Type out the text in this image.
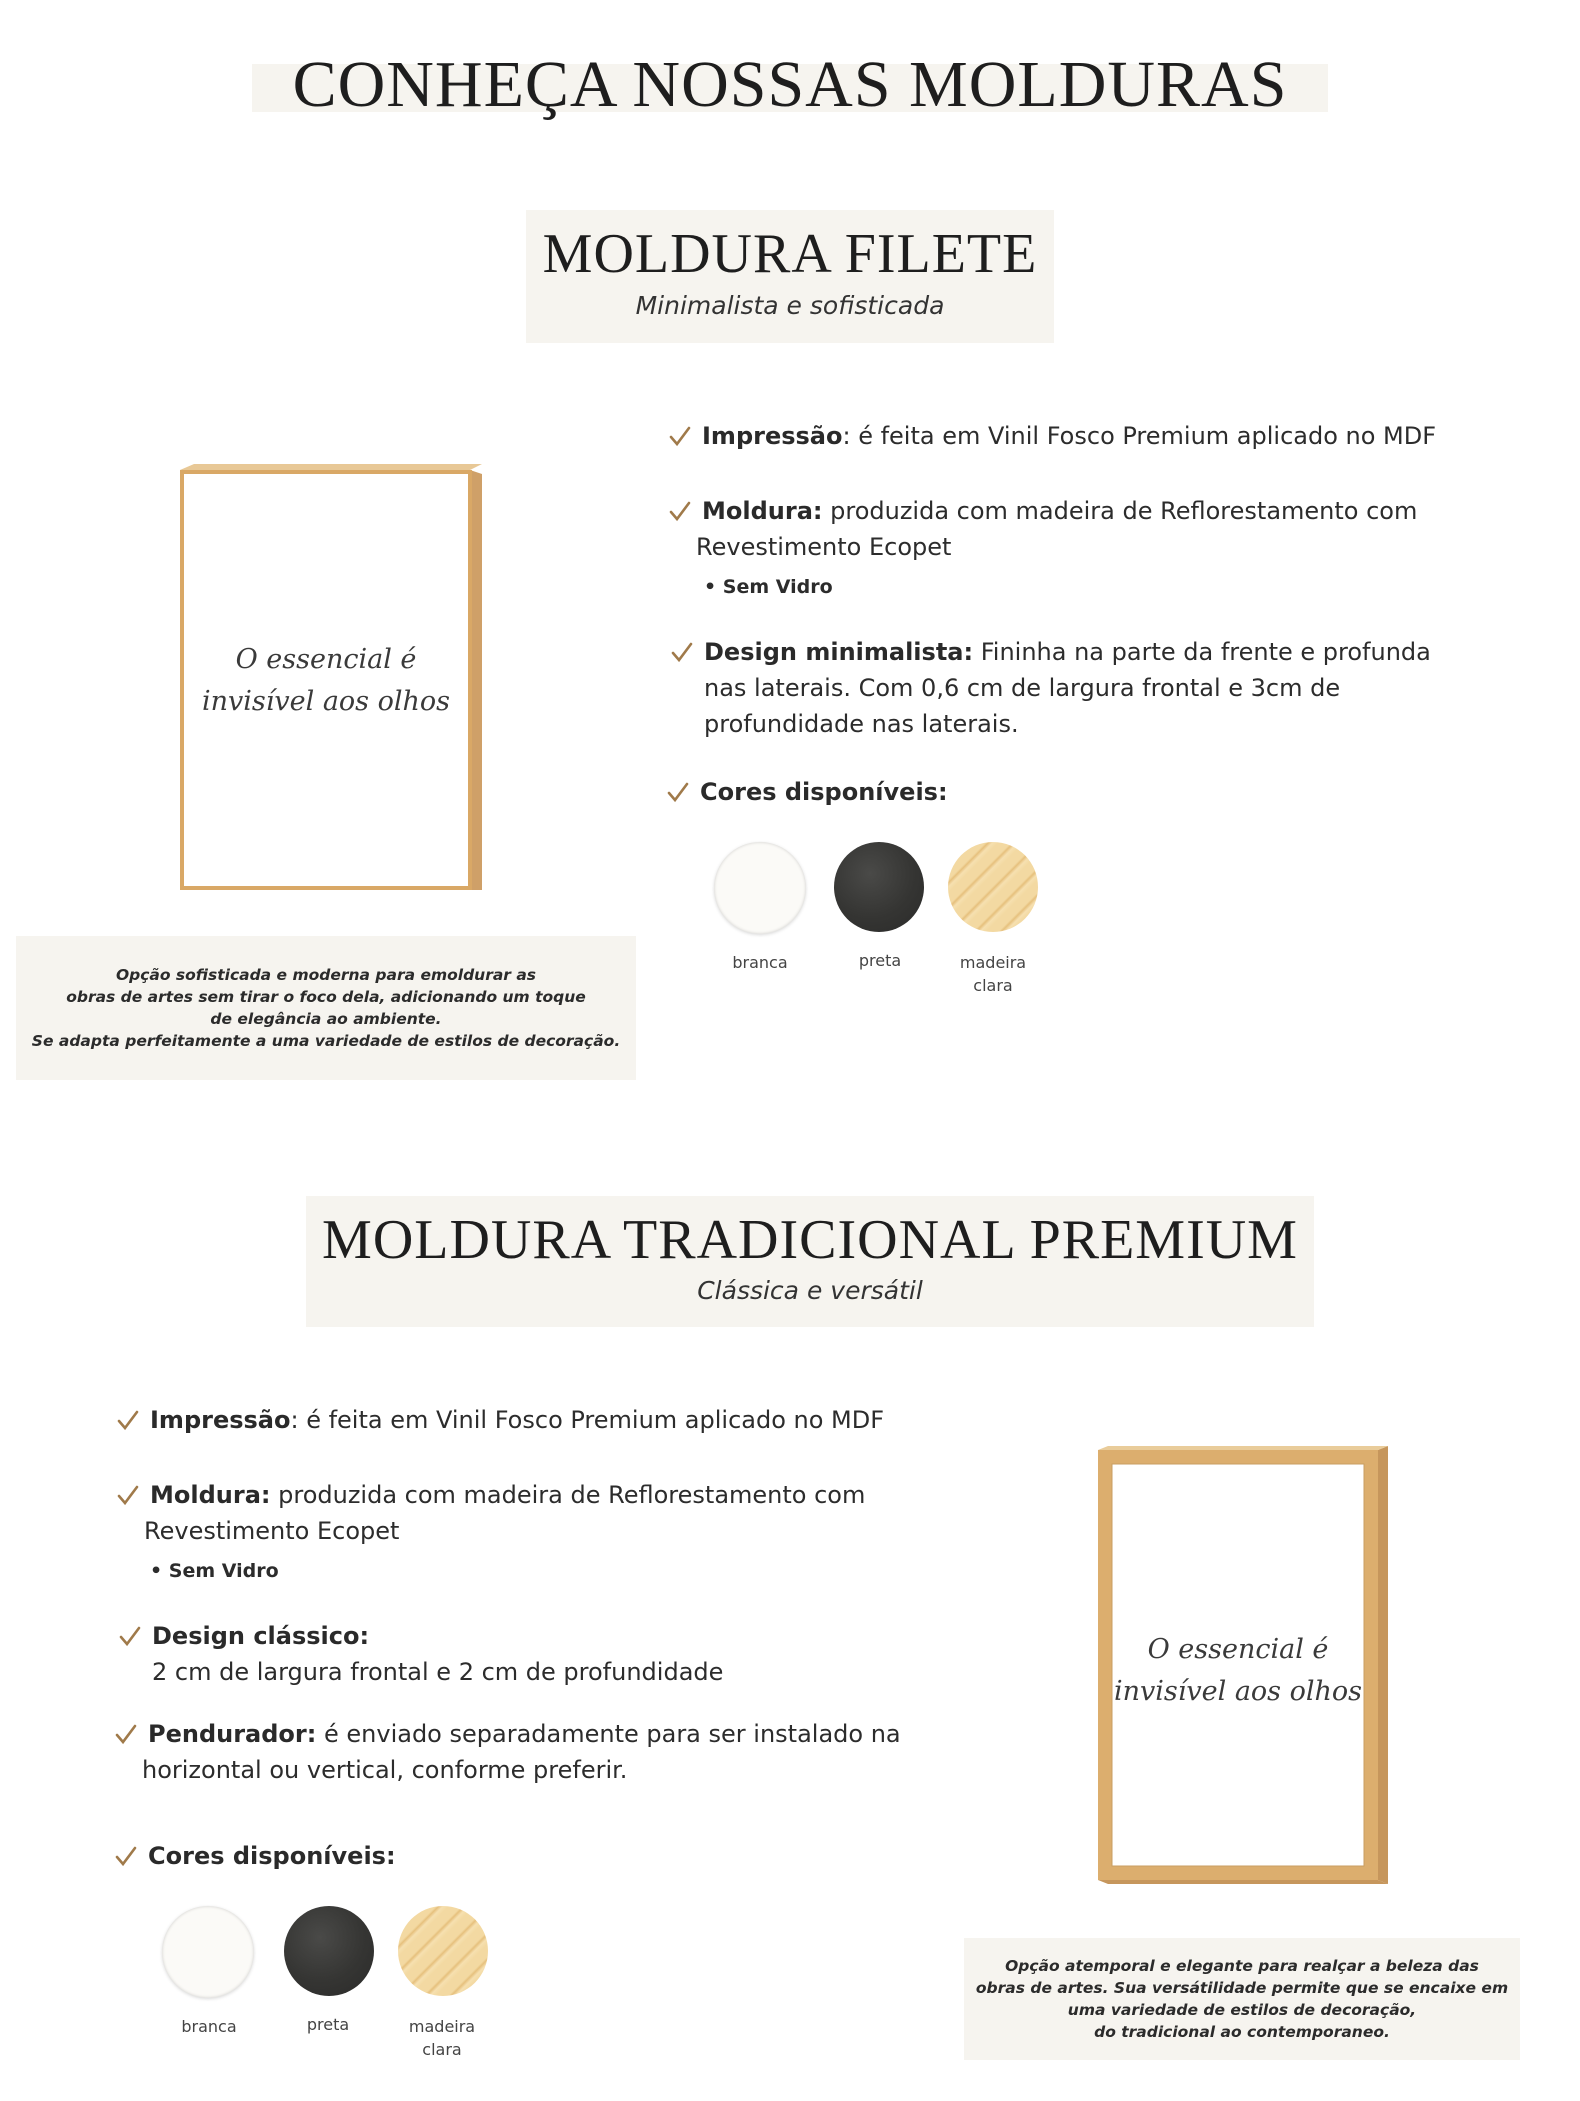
CONHEÇA NOSSAS MOLDURAS
MOLDURA FILETE
Minimalista e sofisticada
O essencial é
invisível aos olhos
Impressão: é feita em Vinil Fosco Premium aplicado no MDF
Moldura: produzida com madeira de Reflorestamento com
Revestimento Ecopet
• Sem Vidro
Design minimalista: Fininha na parte da frente e profunda
nas laterais. Com 0,6 cm de largura frontal e 3cm de
profundidade nas laterais.
Cores disponíveis:
branca	preta	madeira
clara

Opção sofisticada e moderna para emoldurar as
obras de artes sem tirar o foco dela, adicionando um toque
de elegância ao ambiente.
Se adapta perfeitamente a uma variedade de estilos de decoração.

MOLDURA TRADICIONAL PREMIUM
Clássica e versátil
Impressão: é feita em Vinil Fosco Premium aplicado no MDF
Moldura: produzida com madeira de Reflorestamento com
Revestimento Ecopet
• Sem Vidro
Design clássico:
2 cm de largura frontal e 2 cm de profundidade
Pendurador: é enviado separadamente para ser instalado na
horizontal ou vertical, conforme preferir.
Cores disponíveis:
branca	preta	madeira
clara
O essencial é
invisível aos olhos

Opção atemporal e elegante para realçar a beleza das
obras de artes. Sua versátilidade permite que se encaixe em
uma variedade de estilos de decoração,
do tradicional ao contemporaneo.
